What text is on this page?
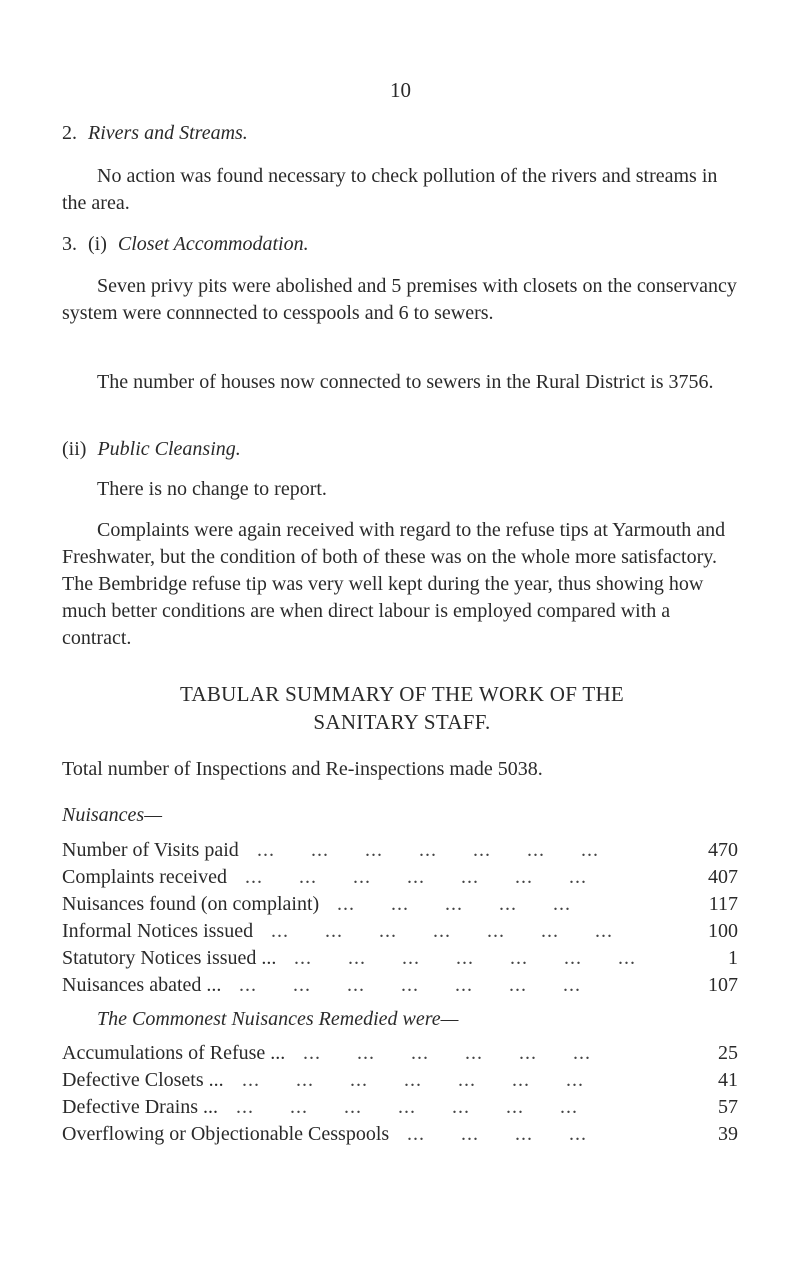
10
2. Rivers and Streams.
No action was found necessary to check pollution of the rivers and streams in the area.
3. (i) Closet Accommodation.
Seven privy pits were abolished and 5 premises with closets on the conservancy system were connnected to cesspools and 6 to sewers.
The number of houses now connected to sewers in the Rural District is 3756.
(ii) Public Cleansing.
There is no change to report.
Complaints were again received with regard to the refuse tips at Yarmouth and Freshwater, but the condition of both of these was on the whole more satisfactory. The Bembridge refuse tip was very well kept during the year, thus showing how much better conditions are when direct labour is employed compared with a contract.
TABULAR SUMMARY OF THE WORK OF THE
SANITARY STAFF.
Total number of Inspections and Re-inspections made 5038.
Nuisances—
Number of Visits paid	470
...      ...      ...      ...      ...      ...      ...
Complaints received	407
...      ...      ...      ...      ...      ...      ...
Nuisances found (on complaint)	117
...      ...      ...      ...      ...
Informal Notices issued	100
...      ...      ...      ...      ...      ...      ...
Statutory Notices issued ...	1
...      ...      ...      ...      ...      ...      ...
Nuisances abated ...	107
...      ...      ...      ...      ...      ...      ...
The Commonest Nuisances Remedied were—
Accumulations of Refuse ...	25
...      ...      ...      ...      ...      ...
Defective Closets ...	41
...      ...      ...      ...      ...      ...      ...
Defective Drains ...	57
...      ...      ...      ...      ...      ...      ...
Overflowing or Objectionable Cesspools	39
...      ...      ...      ...
